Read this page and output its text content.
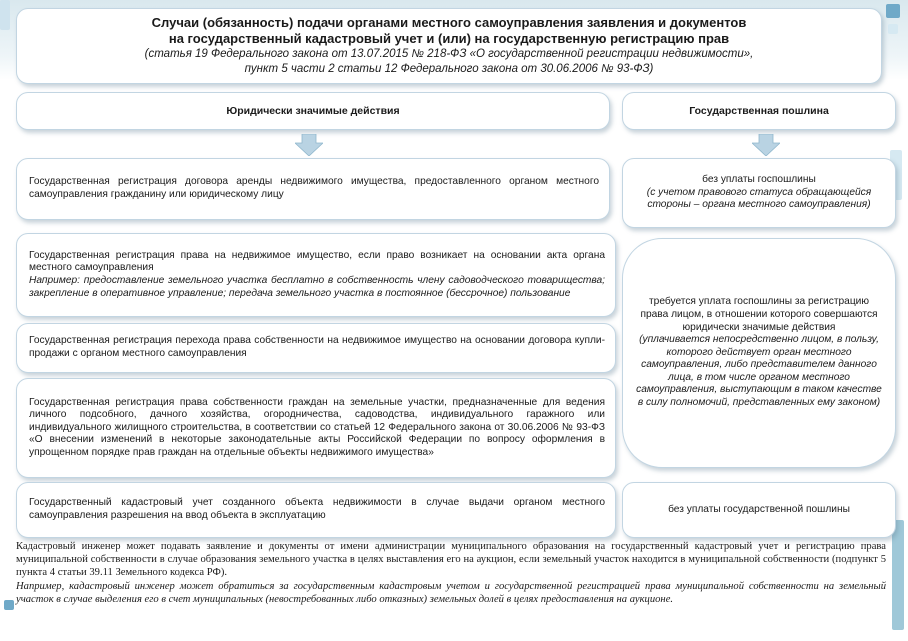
Случаи (обязанность) подачи органами местного самоуправления заявления и документов
на государственный кадастровый учет и (или) на государственную регистрацию прав
(статья 19 Федерального закона от 13.07.2015 № 218-ФЗ «О государственной регистрации недвижимости»,
пункт 5 части 2 статьи 12 Федерального закона от 30.06.2006 № 93-ФЗ)
Юридически значимые действия	Государственная пошлина
Государственная регистрация договора аренды недвижимого имущества, предоставленного органом местного самоуправления гражданину или юридическому лицу
Государственная регистрация права на недвижимое имущество, если право возникает на основании акта органа местного самоуправления
Например: предоставление земельного участка бесплатно в собственность члену садоводческого товарищества; закрепление в оперативное управление; передача земельного участка в постоянное (бессрочное) пользование
Государственная регистрация перехода права собственности на недвижимое имущество на основании договора купли-продажи с органом местного самоуправления
Государственная регистрация права собственности граждан на земельные участки, предназначенные для ведения личного подсобного, дачного хозяйства, огородничества, садоводства, индивидуального гаражного или индивидуального жилищного строительства, в соответствии со статьей 12 Федерального закона от 30.06.2006 № 93-ФЗ «О внесении изменений в некоторые законодательные акты Российской Федерации по вопросу оформления в упрощенном порядке прав граждан на отдельные объекты недвижимого имущества»
Государственный кадастровый учет созданного объекта недвижимости в случае выдачи органом местного самоуправления разрешения на ввод объекта в эксплуатацию
без уплаты госпошлины
(с учетом правового статуса обращающейся стороны – органа местного самоуправления)
требуется уплата госпошлины за регистрацию права лицом, в отношении которого совершаются юридически значимые действия
(уплачивается непосредственно лицом, в пользу, которого действует орган местного самоуправления, либо представителем данного лица, в том числе органом местного самоуправления, выступающим в таком качестве в силу полномочий, представленных ему законом)
без уплаты государственной пошлины
Кадастровый инженер может подавать заявление и документы от имени администрации муниципального образования на государственный кадастровый учет и регистрацию права муниципальной собственности в случае образования земельного участка в целях выставления его на аукцион, если земельный участок находится в муниципальной собственности (подпункт 5 пункта 4 статьи 39.11 Земельного кодекса РФ).
Например, кадастровый инженер может обратиться за государственным кадастровым учетом и государственной регистрацией права муниципальной собственности на земельный участок в случае выделения его в счет муниципальных (невостребованных либо отказных) земельных долей в целях предоставления на аукционе.
